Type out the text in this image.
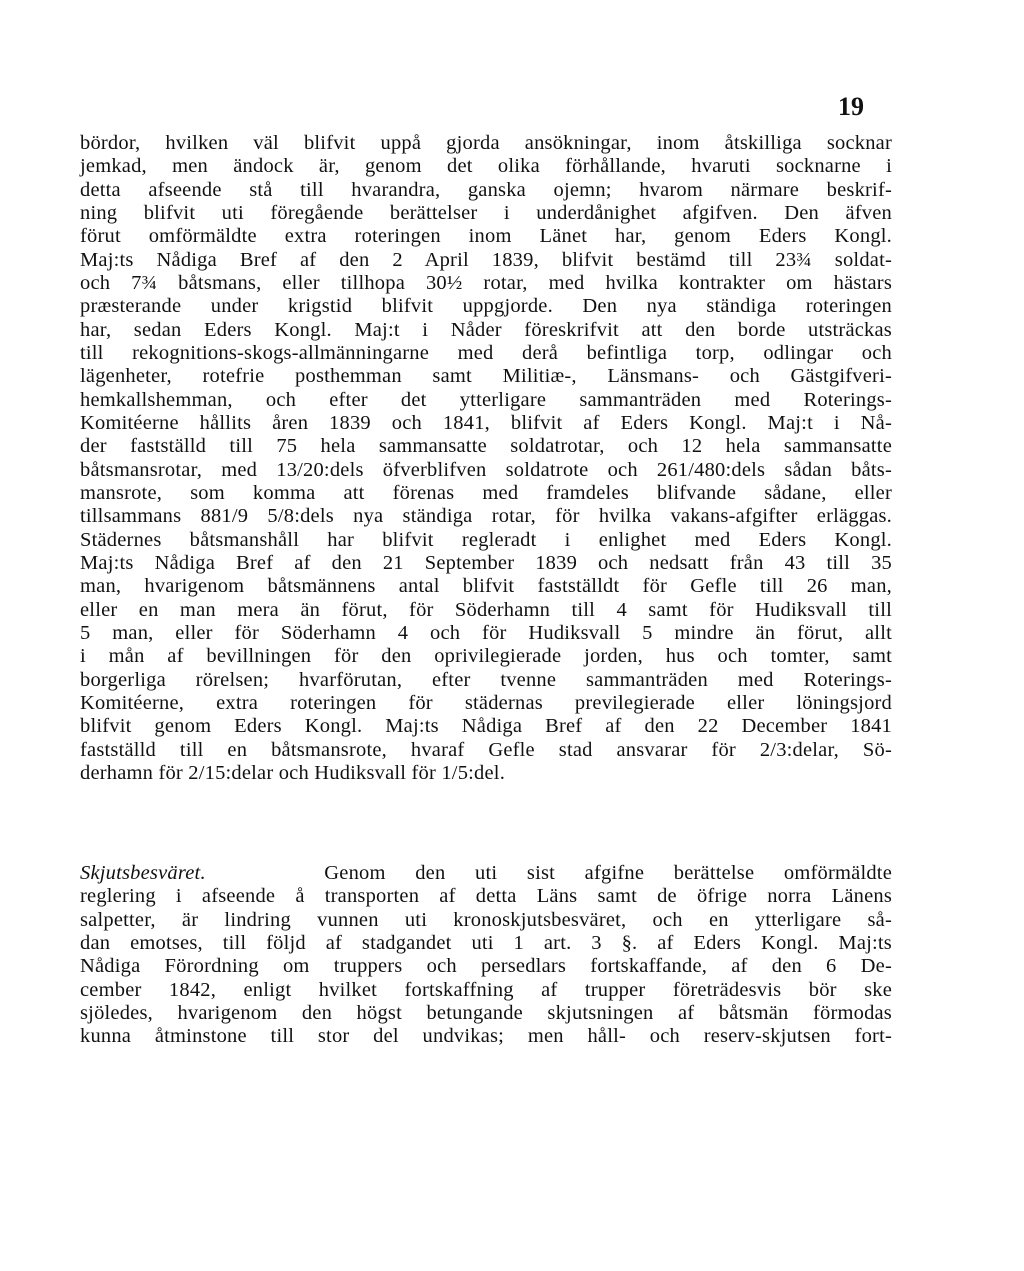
19
bördor, hvilken väl blifvit uppå gjorda ansökningar, inom åtskilliga socknar
jemkad, men ändock är, genom det olika förhållande, hvaruti socknarne i
detta afseende stå till hvarandra, ganska ojemn; hvarom närmare beskrif-
ning blifvit uti föregående berättelser i underdånighet afgifven. Den äfven
förut omförmäldte extra roteringen inom Länet har, genom Eders Kongl.
Maj:ts Nådiga Bref af den 2 April 1839, blifvit bestämd till 23¾ soldat-
och 7¾ båtsmans, eller tillhopa 30½ rotar, med hvilka kontrakter om hästars
præsterande under krigstid blifvit uppgjorde. Den nya ständiga roteringen
har, sedan Eders Kongl. Maj:t i Nåder föreskrifvit att den borde utsträckas
till rekognitions-skogs-allmänningarne med derå befintliga torp, odlingar och
lägenheter, rotefrie posthemman samt Militiæ-, Länsmans- och Gästgifveri-
hemkallshemman, och efter det ytterligare sammanträden med Roterings-
Komitéerne hållits åren 1839 och 1841, blifvit af Eders Kongl. Maj:t i Nå-
der fastställd till 75 hela sammansatte soldatrotar, och 12 hela sammansatte
båtsmansrotar, med 13/20:dels öfverblifven soldatrote och 261/480:dels sådan båts-
mansrote, som komma att förenas med framdeles blifvande sådane, eller
tillsammans 881/9 5/8:dels nya ständiga rotar, för hvilka vakans-afgifter erläggas.
Städernes båtsmanshåll har blifvit regleradt i enlighet med Eders Kongl.
Maj:ts Nådiga Bref af den 21 September 1839 och nedsatt från 43 till 35
man, hvarigenom båtsmännens antal blifvit fastställdt för Gefle till 26 man,
eller en man mera än förut, för Söderhamn till 4 samt för Hudiksvall till
5 man, eller för Söderhamn 4 och för Hudiksvall 5 mindre än förut, allt
i mån af bevillningen för den oprivilegierade jorden, hus och tomter, samt
borgerliga rörelsen; hvarförutan, efter tvenne sammanträden med Roterings-
Komitéerne, extra roteringen för städernas previlegierade eller löningsjord
blifvit genom Eders Kongl. Maj:ts Nådiga Bref af den 22 December 1841
fastställd till en båtsmansrote, hvaraf Gefle stad ansvarar för 2/3:delar, Sö-
derhamn för 2/15:delar och Hudiksvall för 1/5:del.
Skjutsbesväret.	Genom den uti sist afgifne berättelse omförmäldte
reglering i afseende å transporten af detta Läns samt de öfrige norra Länens
salpetter, är lindring vunnen uti kronoskjutsbesväret, och en ytterligare så-
dan emotses, till följd af stadgandet uti 1 art. 3 §. af Eders Kongl. Maj:ts
Nådiga Förordning om truppers och persedlars fortskaffande, af den 6 De-
cember 1842, enligt hvilket fortskaffning af trupper företrädesvis bör ske
sjöledes, hvarigenom den högst betungande skjutsningen af båtsmän förmodas
kunna åtminstone till stor del undvikas; men håll- och reserv-skjutsen fort-
